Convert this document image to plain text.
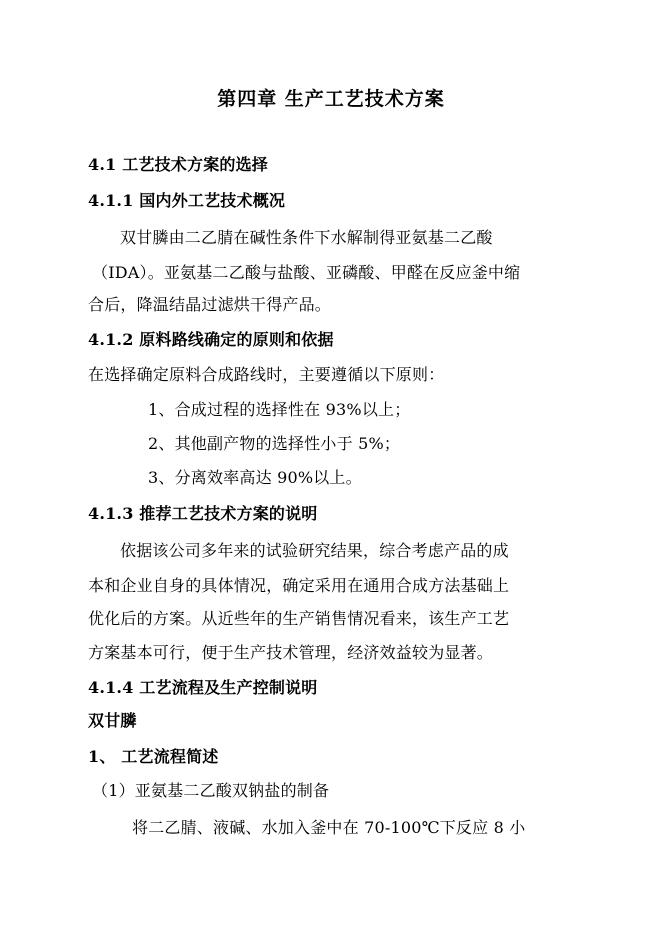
第四章 生产工艺技术方案
4.1 工艺技术方案的选择
4.1.1 国内外工艺技术概况
双甘膦由二乙腈在碱性条件下水解制得亚氨基二乙酸
（IDA）。亚氨基二乙酸与盐酸、亚磷酸、甲醛在反应釜中缩
合后，降温结晶过滤烘干得产品。
4.1.2 原料路线确定的原则和依据
在选择确定原料合成路线时，主要遵循以下原则：
1、合成过程的选择性在 93%以上；
2、其他副产物的选择性小于 5%；
3、分离效率高达 90%以上。
4.1.3 推荐工艺技术方案的说明
依据该公司多年来的试验研究结果，综合考虑产品的成
本和企业自身的具体情况，确定采用在通用合成方法基础上
优化后的方案。从近些年的生产销售情况看来，该生产工艺
方案基本可行，便于生产技术管理，经济效益较为显著。
4.1.4 工艺流程及生产控制说明
双甘膦
1、 工艺流程简述
（1）亚氨基二乙酸双钠盐的制备
将二乙腈、液碱、水加入釜中在 70-100℃下反应 8 小
